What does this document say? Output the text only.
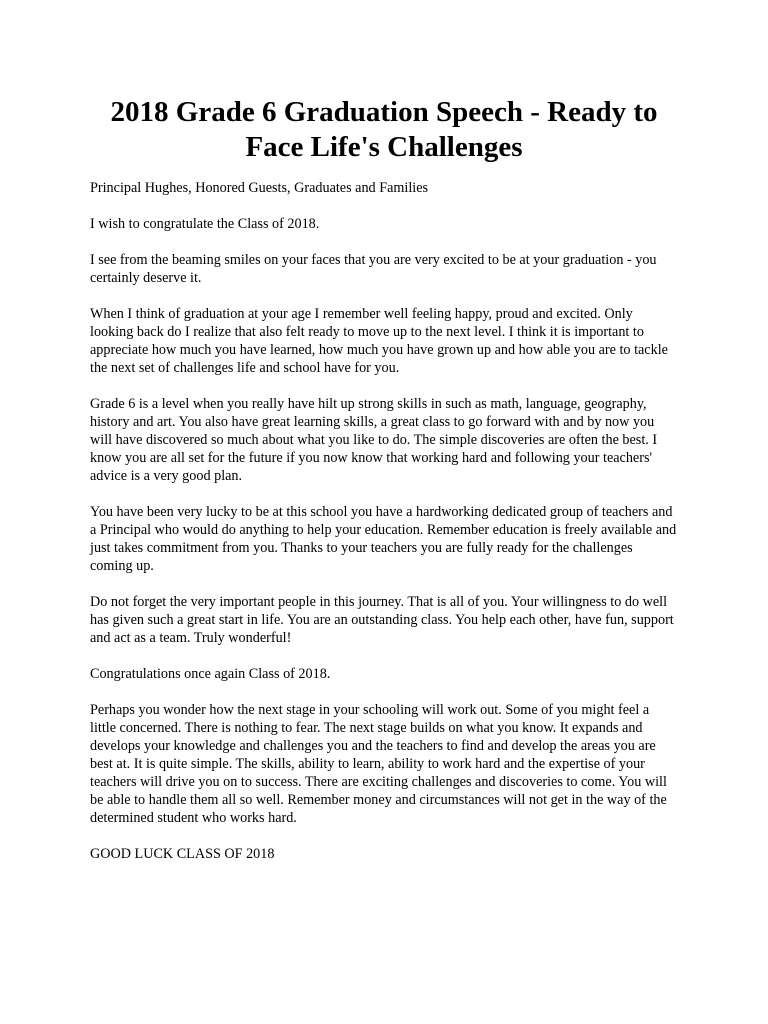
2018 Grade 6 Graduation Speech - Ready to Face Life's Challenges

Principal Hughes, Honored Guests, Graduates and Families

I wish to congratulate the Class of 2018.

I see from the beaming smiles on your faces that you are very excited to be at your graduation - you certainly deserve it.

When I think of graduation at your age I remember well feeling happy, proud and excited. Only looking back do I realize that also felt ready to move up to the next level. I think it is important to appreciate how much you have learned, how much you have grown up and how able you are to tackle the next set of challenges life and school have for you.

Grade 6 is a level when you really have hilt up strong skills in such as math, language, geography, history and art. You also have great learning skills, a great class to go forward with and by now you will have discovered so much about what you like to do. The simple discoveries are often the best. I know you are all set for the future if you now know that working hard and following your teachers' advice is a very good plan.

You have been very lucky to be at this school you have a hardworking dedicated group of teachers and a Principal who would do anything to help your education. Remember education is freely available and just takes commitment from you. Thanks to your teachers you are fully ready for the challenges coming up.

Do not forget the very important people in this journey. That is all of you. Your willingness to do well has given such a great start in life. You are an outstanding class. You help each other, have fun, support and act as a team. Truly wonderful!

Congratulations once again Class of 2018.

Perhaps you wonder how the next stage in your schooling will work out. Some of you might feel a little concerned. There is nothing to fear. The next stage builds on what you know. It expands and develops your knowledge and challenges you and the teachers to find and develop the areas you are best at. It is quite simple. The skills, ability to learn, ability to work hard and the expertise of your teachers will drive you on to success. There are exciting challenges and discoveries to come. You will be able to handle them all so well. Remember money and circumstances will not get in the way of the determined student who works hard.

GOOD LUCK CLASS OF 2018
